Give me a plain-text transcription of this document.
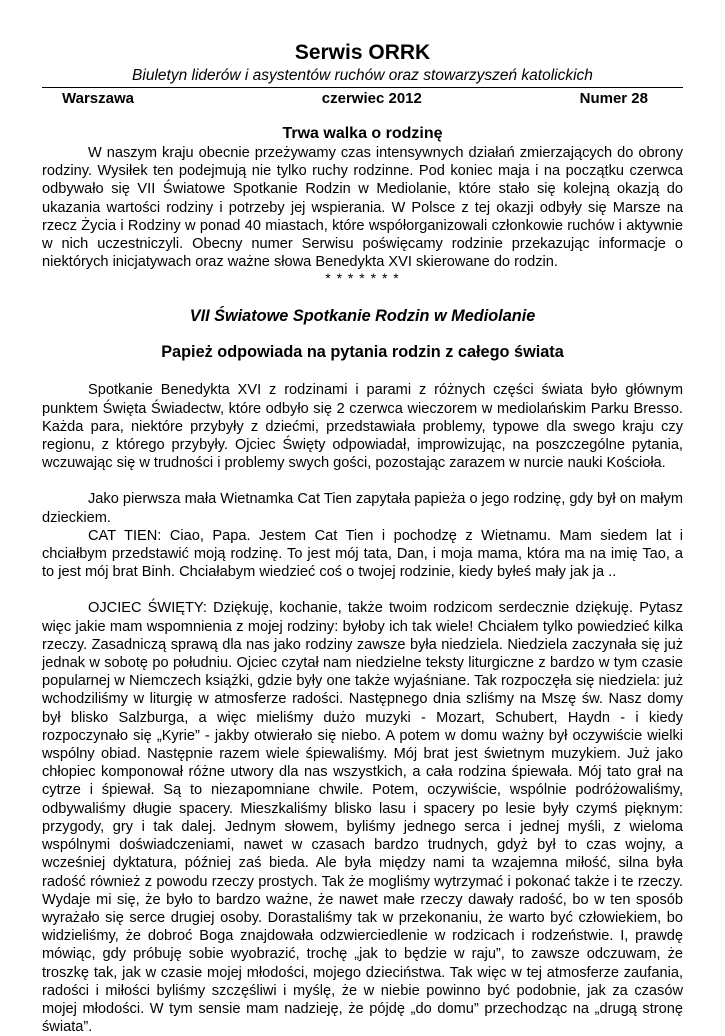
Serwis ORRK
Biuletyn liderów i asystentów ruchów oraz stowarzyszeń katolickich
Warszawa	czerwiec 2012	Numer 28
Trwa walka o rodzinę

W naszym kraju obecnie przeżywamy czas intensywnych działań zmierzających do obrony rodziny. Wysiłek ten podejmują nie tylko ruchy rodzinne. Pod koniec maja i na początku czerwca odbywało się VII Światowe Spotkanie Rodzin w Mediolanie, które stało się kolejną okazją do ukazania wartości rodziny i potrzeby jej wspierania. W Polsce z tej okazji odbyły się Marsze na rzecz Życia i Rodziny w ponad 40 miastach, które współorganizowali członkowie ruchów i aktywnie w nich uczestniczyli. Obecny numer Serwisu poświęcamy rodzinie przekazując informacje o niektórych inicjatywach oraz ważne słowa Benedykta XVI skierowane do rodzin.

* * * * * * *
VII Światowe Spotkanie Rodzin w Mediolanie
Papież odpowiada na pytania rodzin z całego świata

Spotkanie Benedykta XVI z rodzinami i parami z różnych części świata było głównym punktem Święta Świadectw, które odbyło się 2 czerwca wieczorem w mediolańskim Parku Bresso. Każda para, niektóre przybyły z dziećmi, przedstawiała problemy, typowe dla swego kraju czy regionu, z którego przybyły. Ojciec Święty odpowiadał, improwizując, na poszczególne pytania, wczuwając się w trudności i problemy swych gości, pozostając zarazem w nurcie nauki Kościoła.

Jako pierwsza mała Wietnamka Cat Tien zapytała papieża o jego rodzinę, gdy był on małym dzieckiem.

CAT TIEN: Ciao, Papa. Jestem Cat Tien i pochodzę z Wietnamu. Mam siedem lat i chciałbym przedstawić moją rodzinę. To jest mój tata, Dan, i moja mama, która ma na imię Tao, a to jest mój brat Binh. Chciałabym wiedzieć coś o twojej rodzinie, kiedy byłeś mały jak ja ..

OJCIEC ŚWIĘTY: Dziękuję, kochanie, także twoim rodzicom serdecznie dziękuję. Pytasz więc jakie mam wspomnienia z mojej rodziny: byłoby ich tak wiele! Chciałem tylko powiedzieć kilka rzeczy. Zasadniczą sprawą dla nas jako rodziny zawsze była niedziela. Niedziela zaczynała się już jednak w sobotę po południu. Ojciec czytał nam niedzielne teksty liturgiczne z bardzo w tym czasie popularnej w Niemczech książki, gdzie były one także wyjaśniane. Tak rozpoczęła się niedziela: już wchodziliśmy w liturgię w atmosferze radości. Następnego dnia szliśmy na Mszę św. Nasz domy był blisko Salzburga, a więc mieliśmy dużo muzyki - Mozart, Schubert, Haydn - i kiedy rozpoczynało się „Kyrie” - jakby otwierało się niebo. A potem w domu ważny był oczywiście wielki wspólny obiad. Następnie razem wiele śpiewaliśmy. Mój brat jest świetnym muzykiem. Już jako chłopiec komponował różne utwory dla nas wszystkich, a cała rodzina śpiewała. Mój tato grał na cytrze i śpiewał. Są to niezapomniane chwile. Potem, oczywiście, wspólnie podróżowaliśmy, odbywaliśmy długie spacery. Mieszkaliśmy blisko lasu i spacery po lesie były czymś pięknym: przygody, gry i tak dalej. Jednym słowem, byliśmy jednego serca i jednej myśli, z wieloma wspólnymi doświadczeniami, nawet w czasach bardzo trudnych, gdyż był to czas wojny, a wcześniej dyktatura, później zaś bieda. Ale była między nami ta wzajemna miłość, silna była radość również z powodu rzeczy prostych. Tak że mogliśmy wytrzymać i pokonać także i te rzeczy. Wydaje mi się, że było to bardzo ważne, że nawet małe rzeczy dawały radość, bo w ten sposób wyrażało się serce drugiej osoby. Dorastaliśmy tak w przekonaniu, że warto być człowiekiem, bo widzieliśmy, że dobroć Boga znajdowała odzwierciedlenie w rodzicach i rodzeństwie. I, prawdę mówiąc, gdy próbuję sobie wyobrazić, trochę „jak to będzie w raju”, to zawsze odczuwam, że troszkę tak, jak w czasie mojej młodości, mojego dzieciństwa. Tak więc w tej atmosferze zaufania, radości i miłości byliśmy szczęśliwi i myślę, że w niebie powinno być podobnie, jak za czasów mojej młodości. W tym sensie mam nadzieję, że pójdę „do domu” przechodząc na „drugą stronę świata”.
